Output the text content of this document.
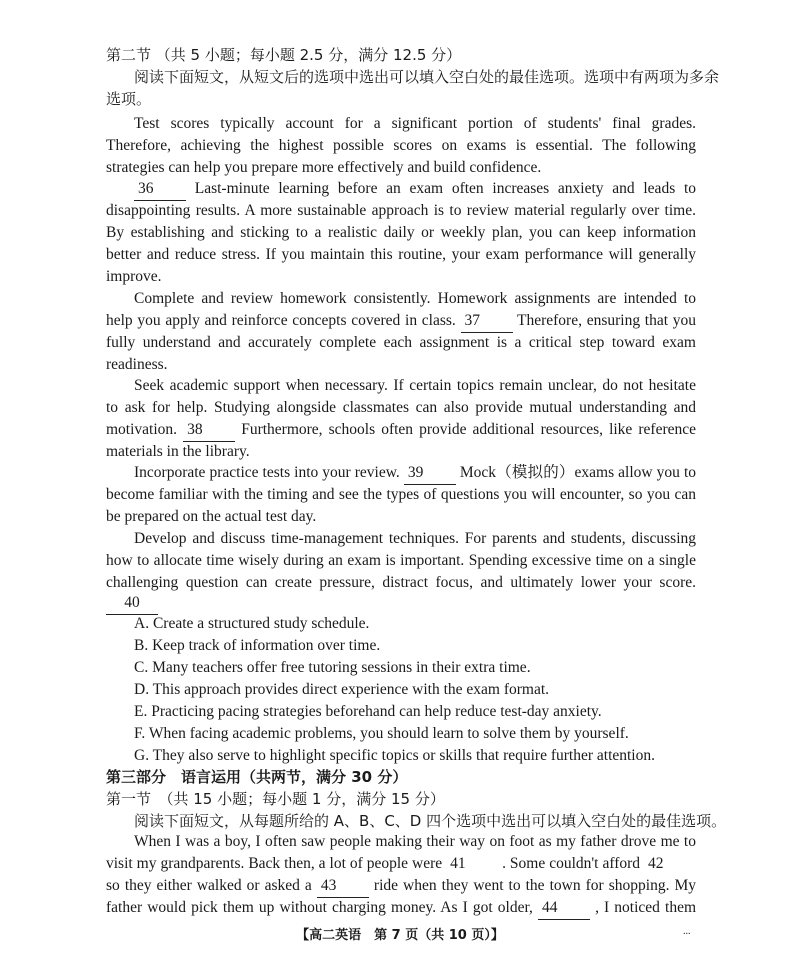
第二节 （共 5 小题；每小题 2.5 分，满分 12.5 分）
阅读下面短文，从短文后的选项中选出可以填入空白处的最佳选项。选项中有两项为多余
选项。
Test scores typically account for a significant portion of students' final grades.
Therefore, achieving the highest possible scores on exams is essential. The following
strategies can help you prepare more effectively and build confidence.
36	Last-minute learning before an exam often increases anxiety and leads to
disappointing results. A more sustainable approach is to review material regularly over time.
By establishing and sticking to a realistic daily or weekly plan, you can keep information
better and reduce stress. If you maintain this routine, your exam performance will generally
improve.
Complete and review homework consistently. Homework assignments are intended to
help you apply and reinforce concepts covered in class. 37 Therefore, ensuring that you
fully understand and accurately complete each assignment is a critical step toward exam
readiness.
Seek academic support when necessary. If certain topics remain unclear, do not hesitate
to ask for help. Studying alongside classmates can also provide mutual understanding and
motivation. 38 Furthermore, schools often provide additional resources, like reference
materials in the library.
Incorporate practice tests into your review. 39 Mock（模拟的）exams allow you to
become familiar with the timing and see the types of questions you will encounter, so you can
be prepared on the actual test day.
Develop and discuss time-management techniques. For parents and students, discussing
how to allocate time wisely during an exam is important. Spending excessive time on a single
challenging question can create pressure, distract focus, and ultimately lower your score.
40
A. Create a structured study schedule.
B. Keep track of information over time.
C. Many teachers offer free tutoring sessions in their extra time.
D. This approach provides direct experience with the exam format.
E. Practicing pacing strategies beforehand can help reduce test-day anxiety.
F. When facing academic problems, you should learn to solve them by yourself.
G. They also serve to highlight specific topics or skills that require further attention.
第三部分　语言运用（共两节，满分 30 分）
第一节　（共 15 小题；每小题 1 分，满分 15 分）
阅读下面短文，从每题所给的 A、B、C、D 四个选项中选出可以填入空白处的最佳选项。
When I was a boy, I often saw people making their way on foot as my father drove me to
visit my grandparents. Back then, a lot of people were 41 . Some couldn't afford 42
so they either walked or asked a 43 ride when they went to the town for shopping. My
father would pick them up without charging money. As I got older, 44 , I noticed them
【高二英语　第 7 页（共 10 页）】	...
